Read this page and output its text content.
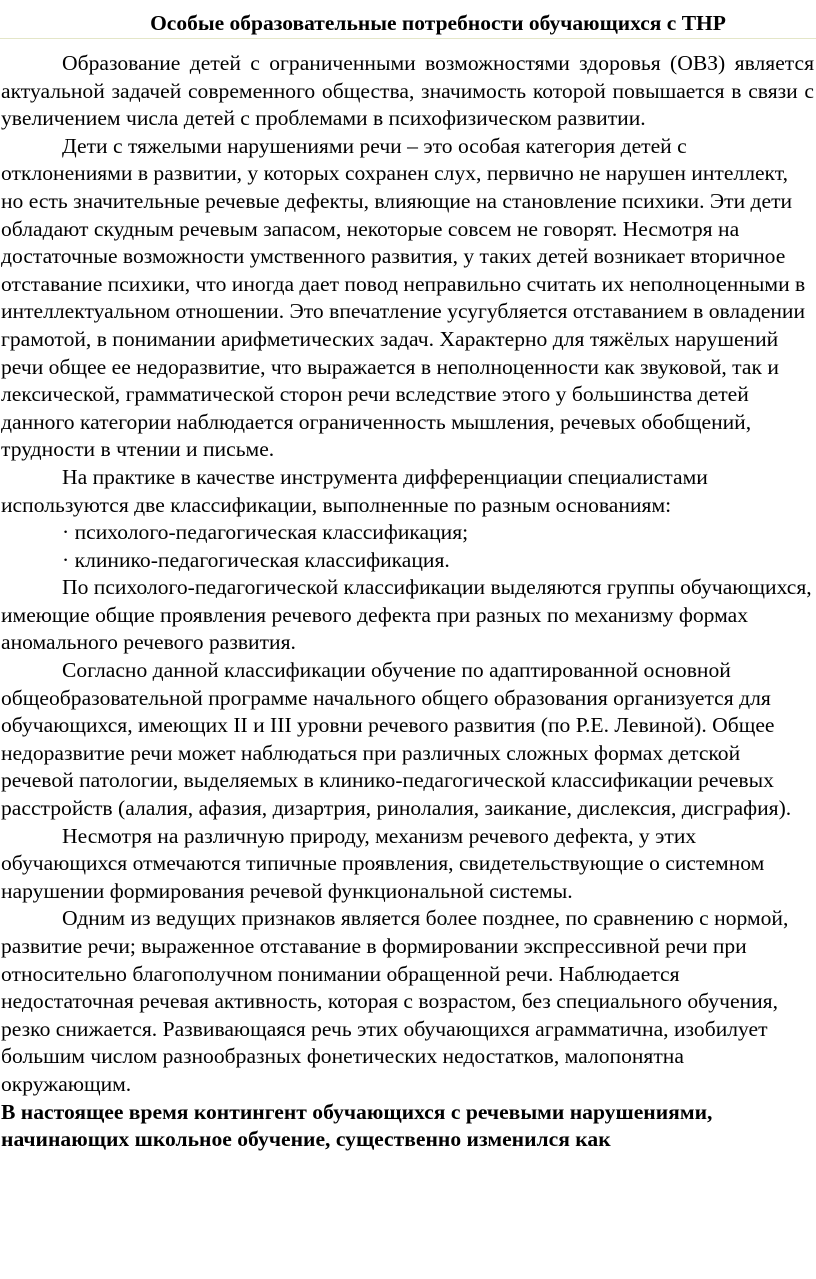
Особые образовательные потребности обучающихся с ТНР

Образование детей с ограниченными возможностями здоровья (ОВЗ) является актуальной задачей современного общества, значимость которой повышается в связи с увеличением числа детей с проблемами в психофизическом развитии.

Дети с тяжелыми нарушениями речи – это особая категория детей с отклонениями в развитии, у которых сохранен слух, первично не нарушен интеллект, но есть значительные речевые дефекты, влияющие на становление психики. Эти дети обладают скудным речевым запасом, некоторые совсем не говорят. Несмотря на достаточные возможности умственного развития, у таких детей возникает вторичное отставание психики, что иногда дает повод неправильно считать их неполноценными в интеллектуальном отношении. Это впечатление усугубляется отставанием в овладении грамотой, в понимании арифметических задач. Характерно для тяжёлых нарушений речи общее ее недоразвитие, что выражается в неполноценности как звуковой, так и лексической, грамматической сторон речи вследствие этого у большинства детей данного категории наблюдается ограниченность мышления, речевых обобщений, трудности в чтении и письме.

На практике в качестве инструмента дифференциации специалистами используются две классификации, выполненные по разным основаниям:

· психолого-педагогическая классификация;

· клинико-педагогическая классификация.

По психолого-педагогической классификации выделяются группы обучающихся, имеющие общие проявления речевого дефекта при разных по механизму формах аномального речевого развития.

Согласно данной классификации обучение по адаптированной основной общеобразовательной программе начального общего образования организуется для обучающихся, имеющих II и III уровни речевого развития (по Р.Е. Левиной). Общее недоразвитие речи может наблюдаться при различных сложных формах детской речевой патологии, выделяемых в клинико-педагогической классификации речевых расстройств (алалия, афазия, дизартрия, ринолалия, заикание, дислексия, дисграфия).

Несмотря на различную природу, механизм речевого дефекта, у этих обучающихся отмечаются типичные проявления, свидетельствующие о системном нарушении формирования речевой функциональной системы.

Одним из ведущих признаков является более позднее, по сравнению с нормой, развитие речи; выраженное отставание в формировании экспрессивной речи при относительно благополучном понимании обращенной речи. Наблюдается недостаточная речевая активность, которая с возрастом, без специального обучения, резко снижается. Развивающаяся речь этих обучающихся аграмматична, изобилует большим числом разнообразных фонетических недостатков, малопонятна окружающим.

В настоящее время контингент обучающихся с речевыми нарушениями, начинающих школьное обучение, существенно изменился как
